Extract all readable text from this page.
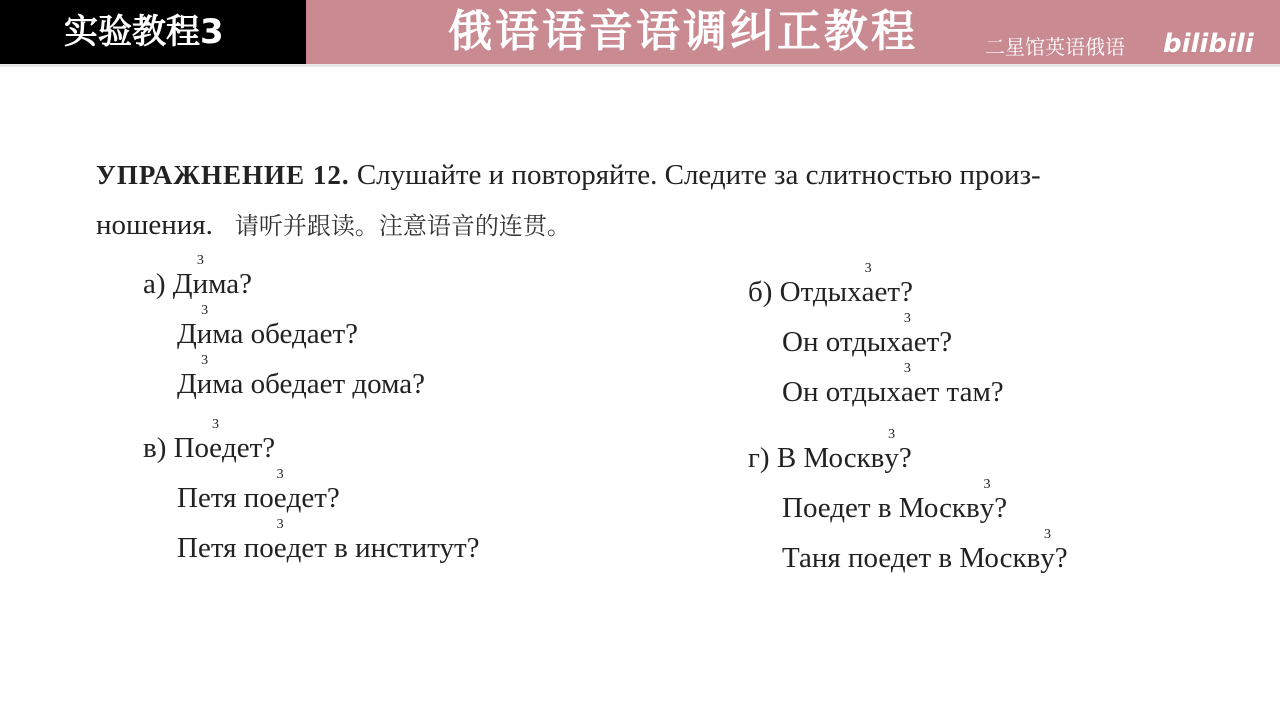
实验教程3	俄语语音语调纠正教程	二星馆英语俄语 bilibili
УПРАЖНЕНИЕ 12. Слушайте и повторяйте. Следите за слитностью произ-
ношения. 请听并跟读。注意语音的连贯。
а) Д
3
и ма?
Д
3
и ма обедает?
Д
3
и ма обедает дома?
б) Отдых
3
а ет?
Он отдых
3
а ет?
Он отдых
3
а ет там?
в) По
3
е дет?
Петя по
3
е дет?
Петя по
3
е дет в институт?
г) В Москв
3
у ?
Поедет в Москв
3
у ?
Таня поедет в Москв
3
у ?
